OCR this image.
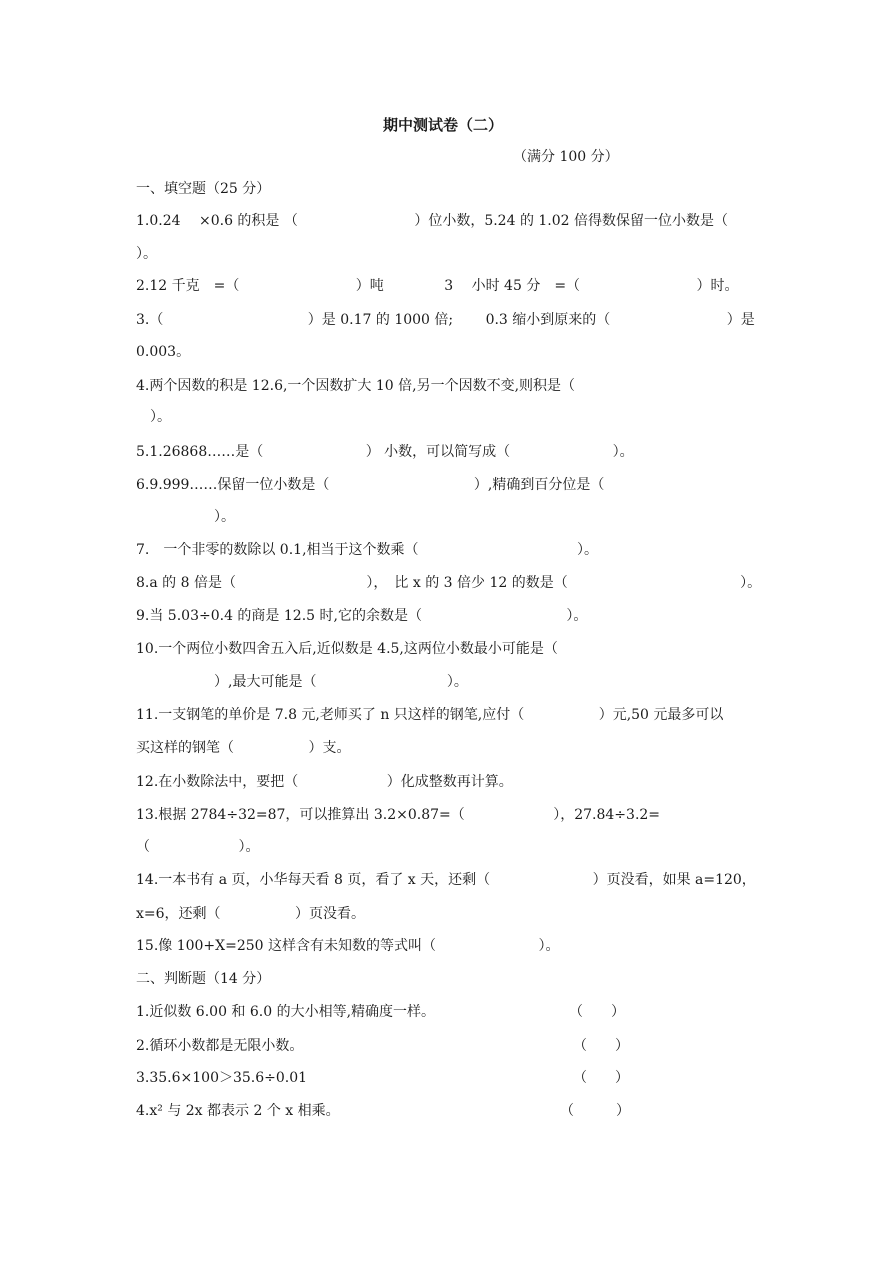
期中测试卷（二）
（满分 100 分）
一、填空题（25 分）
1.0.24　 ×0.6 的积是 （　　　　　　　　 ）位小数，5.24 的 1.02 倍得数保留一位小数是（
）。
2.12 千克　=（　　　　　　　　 ）吨　　　　 3　 小时 45 分　=（　　　　　　　　 ）时。
3.（　　　　　　　　　　 ）是 0.17 的 1000 倍;　　 0.3 缩小到原来的（　　　　　　　　 ）是
0.003。
4.两个因数的积是 12.6,一个因数扩大 10 倍,另一个因数不变,则积是（
）。
5.1.26868……是（　　　　　　　 ） 小数，可以简写成（　　　　　　　 ）。
6.9.999……保留一位小数是（　　　　　　　　　　 ）,精确到百分位是（
）。
7.　一个非零的数除以 0.1,相当于这个数乘（　　　　　　　　　　　 ）。
8.a 的 8 倍是（　　　　　　　　　 ），　比 x 的 3 倍少 12 的数是（　　　　　　　　　　　　 ）。
9.当 5.03÷0.4 的商是 12.5 时,它的余数是（　　　　　　　　　　 ）。
10.一个两位小数四舍五入后,近似数是 4.5,这两位小数最小可能是（
）,最大可能是（　　　　　　　　　 ）。
11.一支钢笔的单价是 7.8 元,老师买了 n 只这样的钢笔,应付（　　　　　 ）元,50 元最多可以
买这样的钢笔（　　　　　 ）支。
12.在小数除法中，要把（　　　　　　 ）化成整数再计算。
13.根据 2784÷32=87，可以推算出 3.2×0.87=（　　　　　　 ），27.84÷3.2=
（　　　　　　 ）。
14.一本书有 a 页，小华每天看 8 页，看了 x 天，还剩（　　　　　　　 ）页没看，如果 a=120，
x=6，还剩（　　　　　 ）页没看。
15.像 100+X=250 这样含有未知数的等式叫（　　　　　　　 ）。
二、判断题（14 分）
1.近似数 6.00 和 6.0 的大小相等,精确度一样。	（　　）
2.循环小数都是无限小数。	（　　）
3.35.6×100＞35.6÷0.01	（　　）
4.x² 与 2x 都表示 2 个 x 相乘。	（　　　）
